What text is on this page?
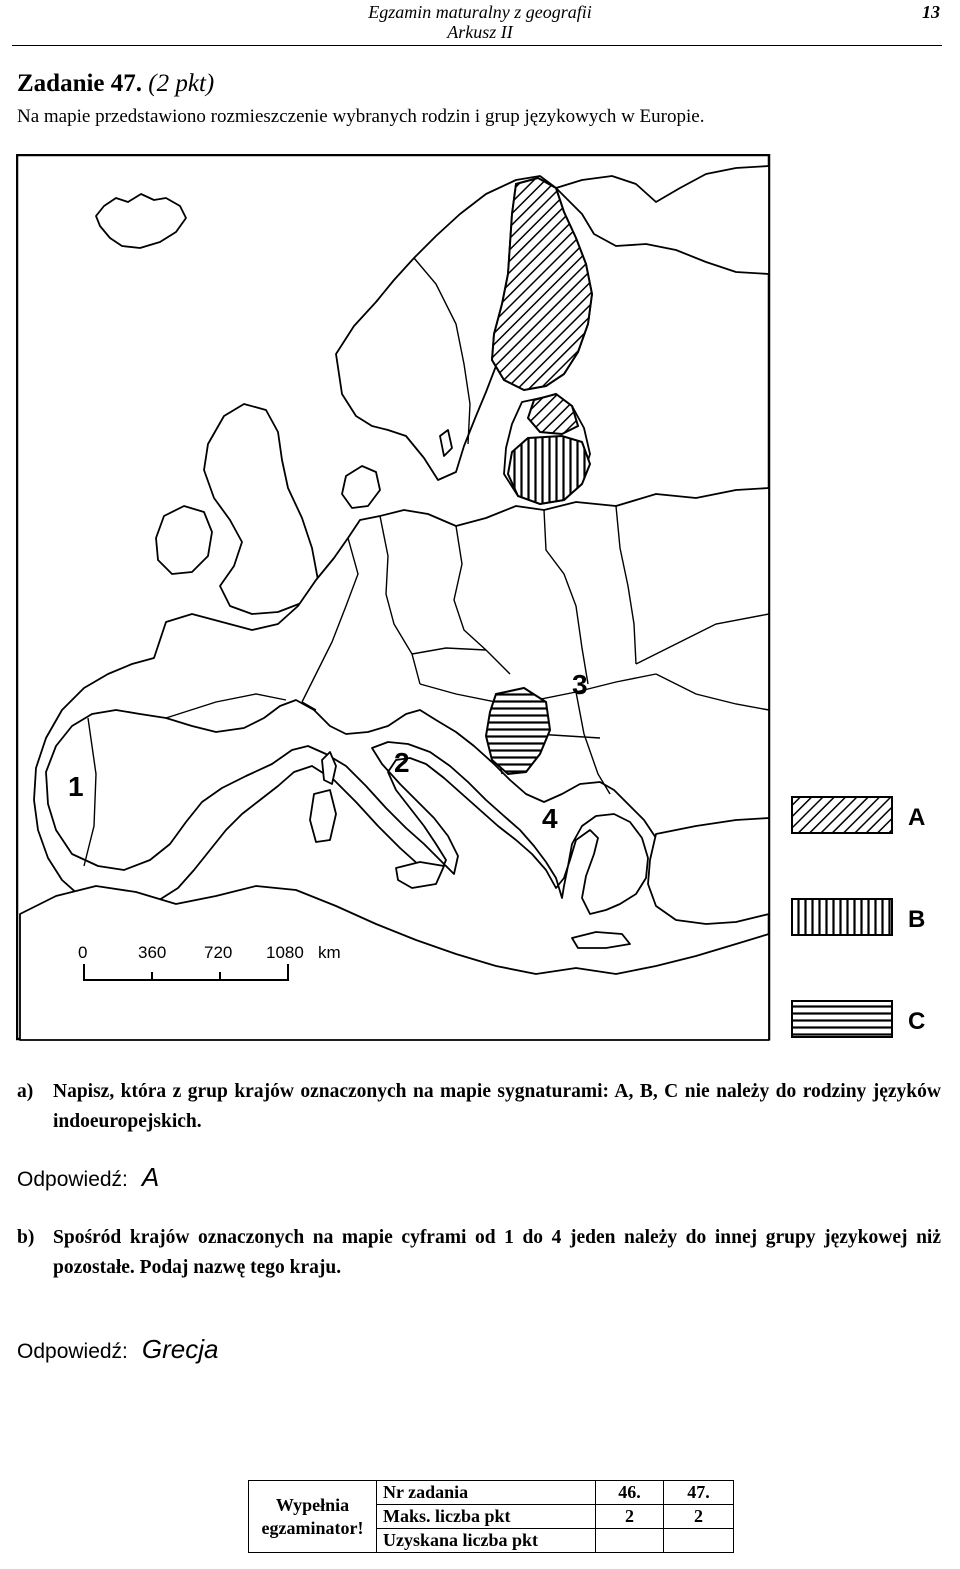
Egzamin maturalny z geografii
Arkusz II
13
Zadanie 47. (2 pkt)
Na mapie przedstawiono rozmieszczenie wybranych rodzin i grup językowych w Europie.
1
2
3
4
0	360 720 1080 km
A
B
C
a) Napisz, która z grup krajów oznaczonych na mapie sygnaturami: A, B, C nie należy do rodziny języków indoeuropejskich.
Odpowiedź: A
b) Spośród krajów oznaczonych na mapie cyframi od 1 do 4 jeden należy do innej grupy językowej niż pozostałe. Podaj nazwę tego kraju.
Odpowiedź: Grecja
Wypełnia egzaminator!	Nr zadania	46.	47.
	Maks. liczba pkt	2	2
	Uzyskana liczba pkt		
